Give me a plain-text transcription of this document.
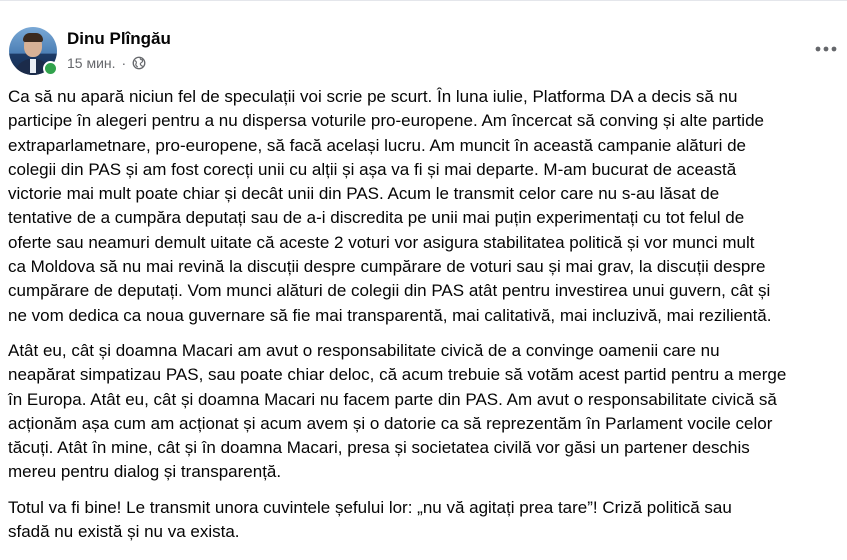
Dinu Plîngău
15 мин. ·

Ca să nu apară niciun fel de speculații voi scrie pe scurt. În luna iulie, Platforma DA a decis să nu
participe în alegeri pentru a nu dispersa voturile pro-europene. Am încercat să conving și alte partide
extraparlametnare, pro-europene, să facă același lucru. Am muncit în această campanie alături de
colegii din PAS și am fost corecți unii cu alții și așa va fi și mai departe. M-am bucurat de această
victorie mai mult poate chiar și decât unii din PAS. Acum le transmit celor care nu s-au lăsat de
tentative de a cumpăra deputați sau de a-i discredita pe unii mai puțin experimentați cu tot felul de
oferte sau neamuri demult uitate că aceste 2 voturi vor asigura stabilitatea politică și vor munci mult
ca Moldova să nu mai revină la discuții despre cumpărare de voturi sau și mai grav, la discuții despre
cumpărare de deputați. Vom munci alături de colegii din PAS atât pentru investirea unui guvern, cât și
ne vom dedica ca noua guvernare să fie mai transparentă, mai calitativă, mai incluzivă, mai rezilientă.

Atât eu, cât și doamna Macari am avut o responsabilitate civică de a convinge oamenii care nu
neapărat simpatizau PAS, sau poate chiar deloc, că acum trebuie să votăm acest partid pentru a merge
în Europa. Atât eu, cât și doamna Macari nu facem parte din PAS. Am avut o responsabilitate civică să
acționăm așa cum am acționat și acum avem și o datorie ca să reprezentăm în Parlament vocile celor
tăcuți. Atât în mine, cât și în doamna Macari, presa și societatea civilă vor găsi un partener deschis
mereu pentru dialog și transparență.

Totul va fi bine! Le transmit unora cuvintele șefului lor: „nu vă agitați prea tare”! Criză politică sau
sfadă nu există și nu va exista.
